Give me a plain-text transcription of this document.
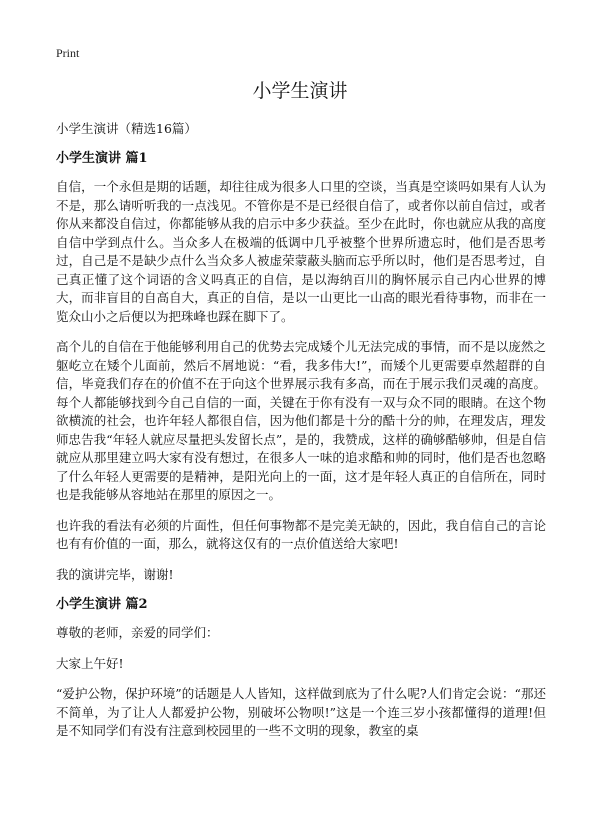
Print
小学生演讲
小学生演讲（精选16篇）
小学生演讲 篇1

自信，一个永但是期的话题，却往往成为很多人口里的空谈，当真是空谈吗如果有人认为不是，那么请听听我的一点浅见。不管你是不是已经很自信了，或者你以前自信过，或者你从来都没自信过，你都能够从我的启示中多少获益。至少在此时，你也就应从我的高度自信中学到点什么。当众多人在极端的低调中几乎被整个世界所遗忘时，他们是否思考过，自己是不是缺少点什么当众多人被虚荣蒙蔽头脑而忘乎所以时，他们是否思考过，自己真正懂了这个词语的含义吗真正的自信，是以海纳百川的胸怀展示自己内心世界的博大，而非盲目的自高自大，真正的自信，是以一山更比一山高的眼光看待事物，而非在一览众山小之后便以为把珠峰也踩在脚下了。

高个儿的自信在于他能够利用自己的优势去完成矮个儿无法完成的事情，而不是以庞然之躯屹立在矮个儿面前，然后不屑地说：“看，我多伟大!”，而矮个儿更需要卓然超群的自信，毕竟我们存在的价值不在于向这个世界展示我有多高，而在于展示我们灵魂的高度。每个人都能够找到今自己自信的一面，关键在于你有没有一双与众不同的眼睛。在这个物欲横流的社会，也许年轻人都很自信，因为他们都是十分的酷十分的帅，在理发店，理发师忠告我“年轻人就应尽量把头发留长点”，是的，我赞成，这样的确够酷够帅，但是自信就应从那里建立吗大家有没有想过，在很多人一味的追求酷和帅的同时，他们是否也忽略了什么年轻人更需要的是精神，是阳光向上的一面，这才是年轻人真正的自信所在，同时也是我能够从容地站在那里的原因之一。

也许我的看法有必须的片面性，但任何事物都不是完美无缺的，因此，我自信自己的言论也有有价值的一面，那么，就将这仅有的一点价值送给大家吧!

我的演讲完毕，谢谢!

小学生演讲 篇2

尊敬的老师，亲爱的同学们：

大家上午好!

“爱护公物，保护环境”的话题是人人皆知，这样做到底为了什么呢?人们肯定会说：“那还不简单，为了让人人都爱护公物，别破坏公物呗!”这是一个连三岁小孩都懂得的道理!但是不知同学们有没有注意到校园里的一些不文明的现象，教室的桌
